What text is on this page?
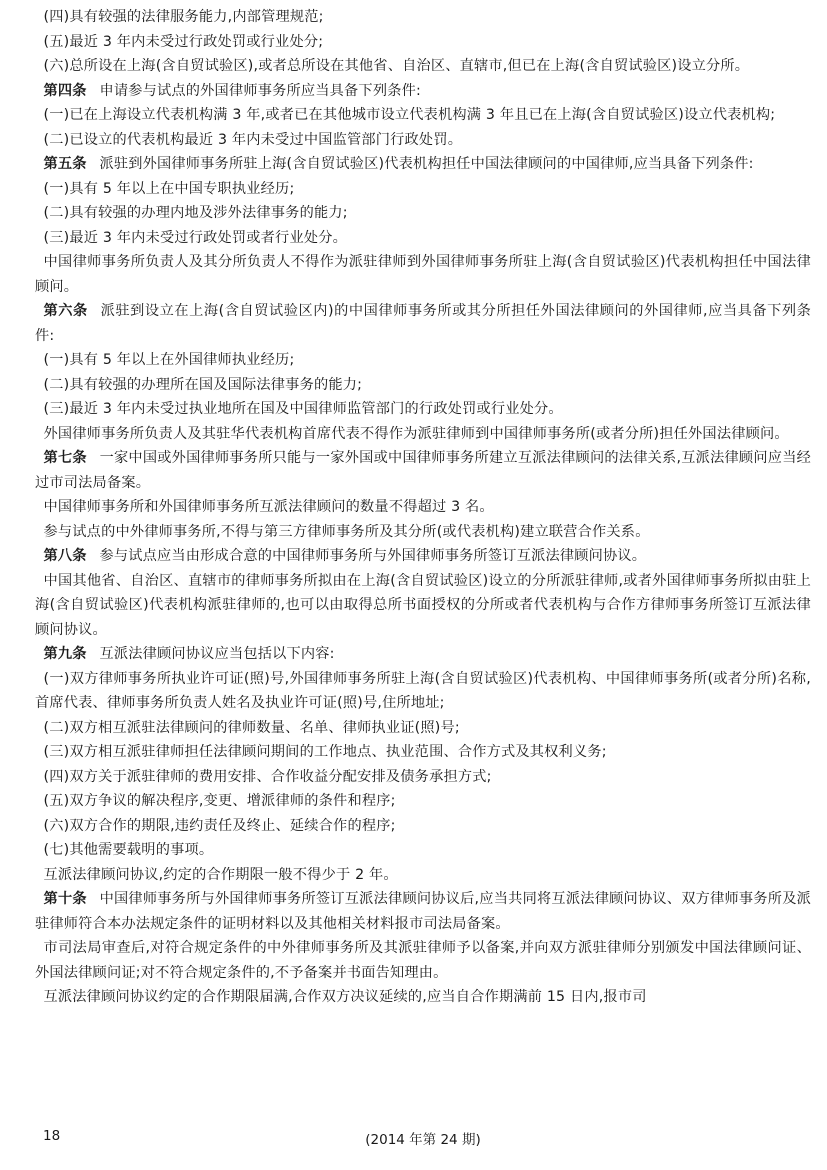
(四)具有较强的法律服务能力,内部管理规范;

(五)最近 3 年内未受过行政处罚或行业处分;

(六)总所设在上海(含自贸试验区),或者总所设在其他省、自治区、直辖市,但已在上海(含自贸试验区)设立分所。

第四条 申请参与试点的外国律师事务所应当具备下列条件:

(一)已在上海设立代表机构满 3 年,或者已在其他城市设立代表机构满 3 年且已在上海(含自贸试验区)设立代表机构;

(二)已设立的代表机构最近 3 年内未受过中国监管部门行政处罚。

第五条 派驻到外国律师事务所驻上海(含自贸试验区)代表机构担任中国法律顾问的中国律师,应当具备下列条件:

(一)具有 5 年以上在中国专职执业经历;

(二)具有较强的办理内地及涉外法律事务的能力;

(三)最近 3 年内未受过行政处罚或者行业处分。

中国律师事务所负责人及其分所负责人不得作为派驻律师到外国律师事务所驻上海(含自贸试验区)代表机构担任中国法律顾问。

第六条 派驻到设立在上海(含自贸试验区内)的中国律师事务所或其分所担任外国法律顾问的外国律师,应当具备下列条件:

(一)具有 5 年以上在外国律师执业经历;

(二)具有较强的办理所在国及国际法律事务的能力;

(三)最近 3 年内未受过执业地所在国及中国律师监管部门的行政处罚或行业处分。

外国律师事务所负责人及其驻华代表机构首席代表不得作为派驻律师到中国律师事务所(或者分所)担任外国法律顾问。

第七条 一家中国或外国律师事务所只能与一家外国或中国律师事务所建立互派法律顾问的法律关系,互派法律顾问应当经过市司法局备案。

中国律师事务所和外国律师事务所互派法律顾问的数量不得超过 3 名。

参与试点的中外律师事务所,不得与第三方律师事务所及其分所(或代表机构)建立联营合作关系。

第八条 参与试点应当由形成合意的中国律师事务所与外国律师事务所签订互派法律顾问协议。

中国其他省、自治区、直辖市的律师事务所拟由在上海(含自贸试验区)设立的分所派驻律师,或者外国律师事务所拟由驻上海(含自贸试验区)代表机构派驻律师的,也可以由取得总所书面授权的分所或者代表机构与合作方律师事务所签订互派法律顾问协议。

第九条 互派法律顾问协议应当包括以下内容:

(一)双方律师事务所执业许可证(照)号,外国律师事务所驻上海(含自贸试验区)代表机构、中国律师事务所(或者分所)名称,首席代表、律师事务所负责人姓名及执业许可证(照)号,住所地址;

(二)双方相互派驻法律顾问的律师数量、名单、律师执业证(照)号;

(三)双方相互派驻律师担任法律顾问期间的工作地点、执业范围、合作方式及其权利义务;

(四)双方关于派驻律师的费用安排、合作收益分配安排及债务承担方式;

(五)双方争议的解决程序,变更、增派律师的条件和程序;

(六)双方合作的期限,违约责任及终止、延续合作的程序;

(七)其他需要载明的事项。

互派法律顾问协议,约定的合作期限一般不得少于 2 年。

第十条 中国律师事务所与外国律师事务所签订互派法律顾问协议后,应当共同将互派法律顾问协议、双方律师事务所及派驻律师符合本办法规定条件的证明材料以及其他相关材料报市司法局备案。

市司法局审查后,对符合规定条件的中外律师事务所及其派驻律师予以备案,并向双方派驻律师分别颁发中国法律顾问证、外国法律顾问证;对不符合规定条件的,不予备案并书面告知理由。

互派法律顾问协议约定的合作期限届满,合作双方决议延续的,应当自合作期满前 15 日内,报市司

18	(2014 年第 24 期)
